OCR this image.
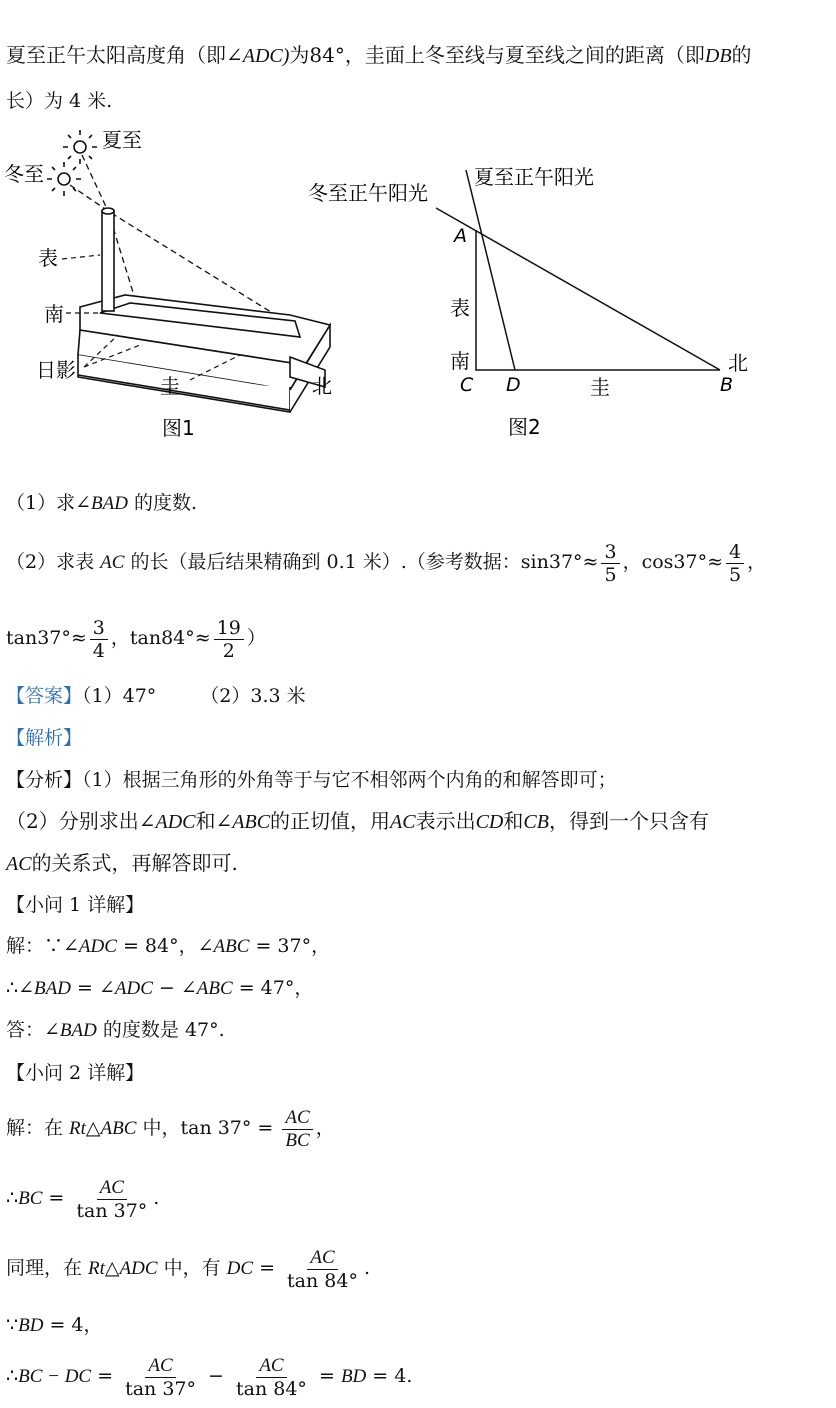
夏至正午太阳高度角（即∠ADC)为84°，圭面上冬至线与夏至线之间的距离（即DB的
长）为 4 米.
夏至
冬至
表
南
日影
圭	北
图1
冬至正午阳光
夏至正午阳光
A
表
南
C D	圭	B
北
图2
（1）求∠BAD 的度数.
（2）求表 AC 的长（最后结果精确到 0.1 米）.（参考数据：$\sin 37^\circ\approx \frac{3}{5}$ ，$\cos 37^\circ\approx \frac{4}{5}$ ，
$\tan 37^\circ\approx \frac{3}{4}$ ，$\tan 84^\circ\approx \frac{19}{2}$ ）
【答案】（1）47° （2）3.3 米
【解析】
【分析】（1）根据三角形的外角等于与它不相邻两个内角的和解答即可；
（2）分别求出∠ADC和∠ABC的正切值，用AC表示出CD和CB，得到一个只含有
AC的关系式，再解答即可.
【小问 1 详解】
解：∵∠ADC = 84°，∠ABC = 37°，
∴∠BAD = ∠ADC − ∠ABC = 47°，
答：∠BAD 的度数是 47°.
【小问 2 详解】
解：在 Rt△ABC 中，$\tan 37^\circ = \frac{AC}{BC}$ ，
∴BC = $\frac{AC}{\tan 37^\circ}$ .
同理，在 Rt△ADC 中，有 DC = $\frac{AC}{\tan 84^\circ}$ .
∵BD = 4，
∴BC − DC = $\frac{AC}{\tan 37^\circ} - \frac{AC}{\tan 84^\circ}$ = BD = 4.
